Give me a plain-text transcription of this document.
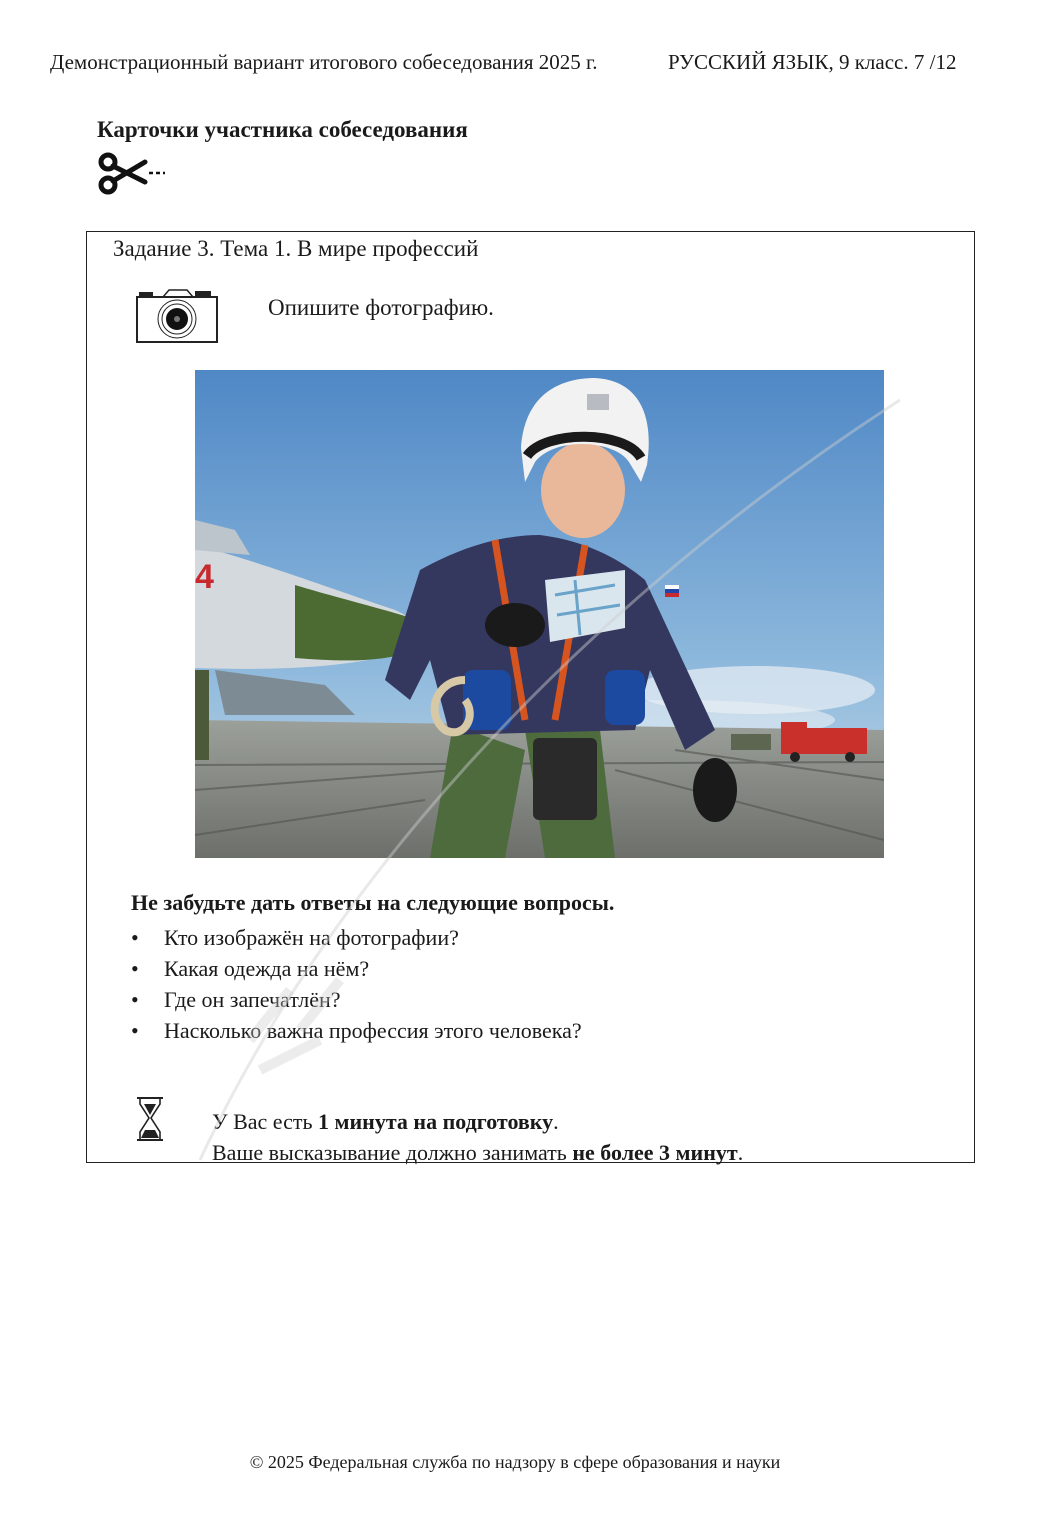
Демонстрационный вариант итогового собеседования 2025 г.	РУССКИЙ ЯЗЫК, 9 класс. 7 /12
Карточки участника собеседования
Задание 3. Тема 1. В мире профессий
Опишите фотографию.
4
Не забудьте дать ответы на следующие вопросы.
• Кто изображён на фотографии?
• Какая одежда на нём?
• Где он запечатлён?
• Насколько важна профессия этого человека?
У Вас есть 1 минута на подготовку.
Ваше высказывание должно занимать не более 3 минут.
© 2025 Федеральная служба по надзору в сфере образования и науки
